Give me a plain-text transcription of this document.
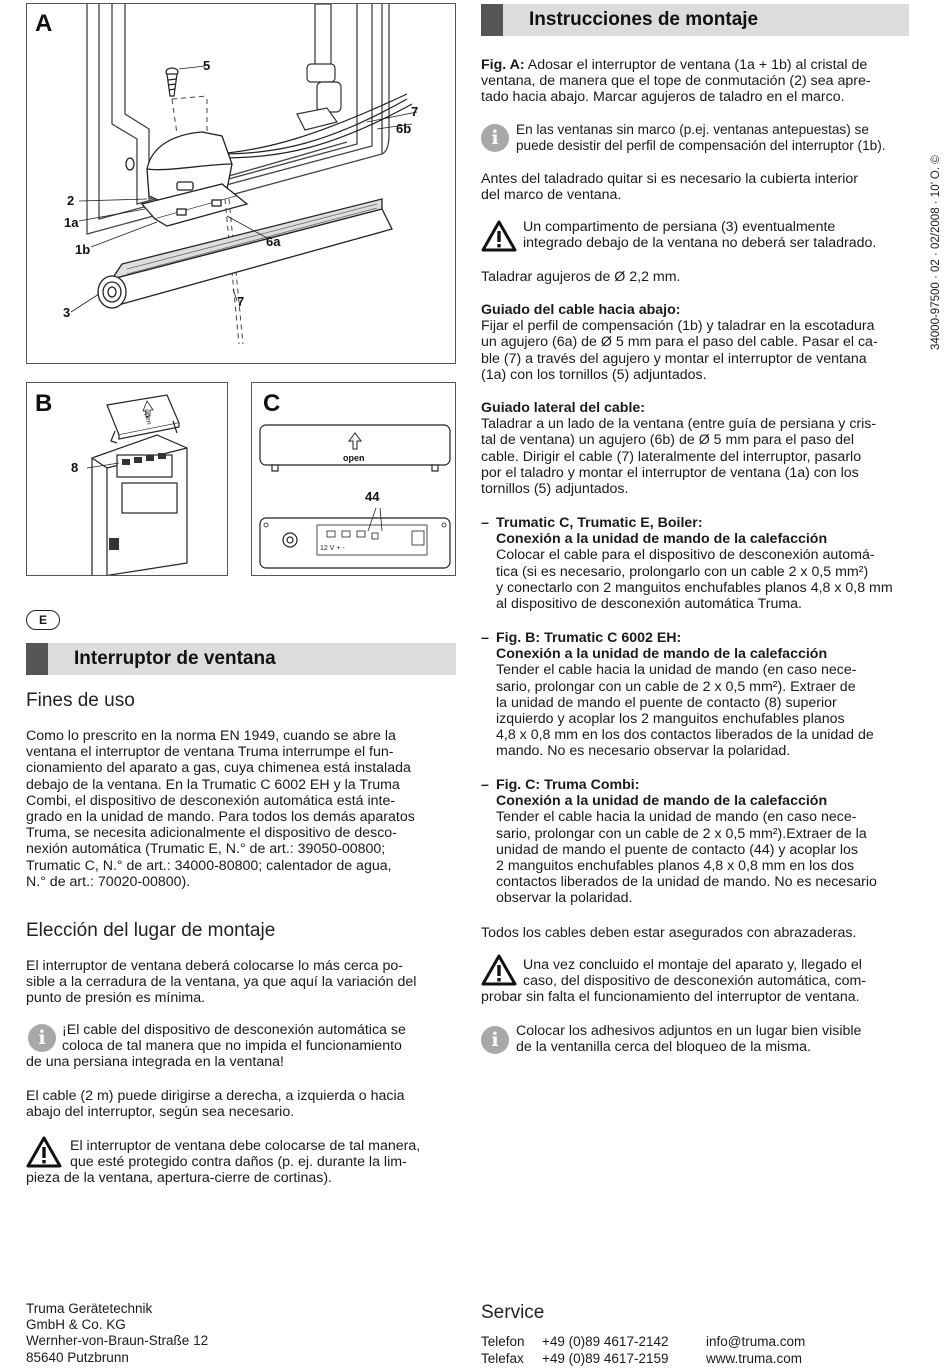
A
5
7
6b
2
1a
1b
6a
3
7
B
8
open	C
open
44
12 V + -
34000-97500 · 02 · 02/2008 · 10’ O. ©
E
Interruptor de ventana
Fines de uso

Como lo prescrito en la norma EN 1949, cuando se abre la

ventana el interruptor de ventana Truma interrumpe el fun-

cionamiento del aparato a gas, cuya chimenea está instalada

debajo de la ventana. En la Trumatic C 6002 EH y la Truma

Combi, el dispositivo de desconexión automática está inte-

grado en la unidad de mando. Para todos los demás aparatos

Truma, se necesita adicionalmente el dispositivo de desco-

nexión automática (Trumatic E, N.° de art.: 39050-00800;

Trumatic C, N.° de art.: 34000-80800; calentador de agua,

N.° de art.: 70020-00800).

Elección del lugar de montaje

El interruptor de ventana deberá colocarse lo más cerca po-

sible a la cerradura de la ventana, ya que aquí la variación del

punto de presión es mínima.

i	¡El cable del dispositivo de desconexión automática se

coloca de tal manera que no impida el funcionamiento

de una persiana integrada en la ventana!

El cable (2 m) puede dirigirse a derecha, a izquierda o hacia

abajo del interruptor, según sea necesario.

El interruptor de ventana debe colocarse de tal manera,

que esté protegido contra daños (p. ej. durante la lim-

pieza de la ventana, apertura-cierre de cortinas).

Truma Gerätetechnik

GmbH & Co. KG

Wernher-von-Braun-Straße 12

85640 Putzbrunn

Instrucciones de montaje

Fig. A: Adosar el interruptor de ventana (1a + 1b) al cristal de

ventana, de manera que el tope de conmutación (2) sea apre-

tado hacia abajo. Marcar agujeros de taladro en el marco.

i	En las ventanas sin marco (p.ej. ventanas antepuestas) se

puede desistir del perfil de compensación del interruptor (1b).

Antes del taladrado quitar si es necesario la cubierta interior

del marco de ventana.

Un compartimento de persiana (3) eventualmente

integrado debajo de la ventana no deberá ser taladrado.

Taladrar agujeros de Ø 2,2 mm.

Guiado del cable hacia abajo:

Fijar el perfil de compensación (1b) y taladrar en la escotadura

un agujero (6a) de Ø 5 mm para el paso del cable. Pasar el ca-

ble (7) a través del agujero y montar el interruptor de ventana

(1a) con los tornillos (5) adjuntados.

Guiado lateral del cable:

Taladrar a un lado de la ventana (entre guía de persiana y cris-

tal de ventana) un agujero (6b) de Ø 5 mm para el paso del

cable. Dirigir el cable (7) lateralmente del interruptor, pasarlo

por el taladro y montar el interruptor de ventana (1a) con los

tornillos (5) adjuntados.

– Trumatic C, Trumatic E, Boiler:

Conexión a la unidad de mando de la calefacción

Colocar el cable para el dispositivo de desconexión automá-

tica (si es necesario, prolongarlo con un cable 2 x 0,5 mm²)

y conectarlo con 2 manguitos enchufables planos 4,8 x 0,8 mm

al dispositivo de desconexión automática Truma.

– Fig. B: Trumatic C 6002 EH:

Conexión a la unidad de mando de la calefacción

Tender el cable hacia la unidad de mando (en caso nece-

sario, prolongar con un cable de 2 x 0,5 mm²). Extraer de

la unidad de mando el puente de contacto (8) superior

izquierdo y acoplar los 2 manguitos enchufables planos

4,8 x 0,8 mm en los dos contactos liberados de la unidad de

mando. No es necesario observar la polaridad.

– Fig. C: Truma Combi:

Conexión a la unidad de mando de la calefacción

Tender el cable hacia la unidad de mando (en caso nece-

sario, prolongar con un cable de 2 x 0,5 mm²).Extraer de la

unidad de mando el puente de contacto (44) y acoplar los

2 manguitos enchufables planos 4,8 x 0,8 mm en los dos

contactos liberados de la unidad de mando. No es necesario

observar la polaridad.

Todos los cables deben estar asegurados con abrazaderas.

Una vez concluido el montaje del aparato y, llegado el

caso, del dispositivo de desconexión automática, com-

probar sin falta el funcionamiento del interruptor de ventana.

i	Colocar los adhesivos adjuntos en un lugar bien visible

de la ventanilla cerca del bloqueo de la misma.

Service
Telefon +49 (0)89 4617-2142	info@truma.com
Telefax +49 (0)89 4617-2159	www.truma.com
